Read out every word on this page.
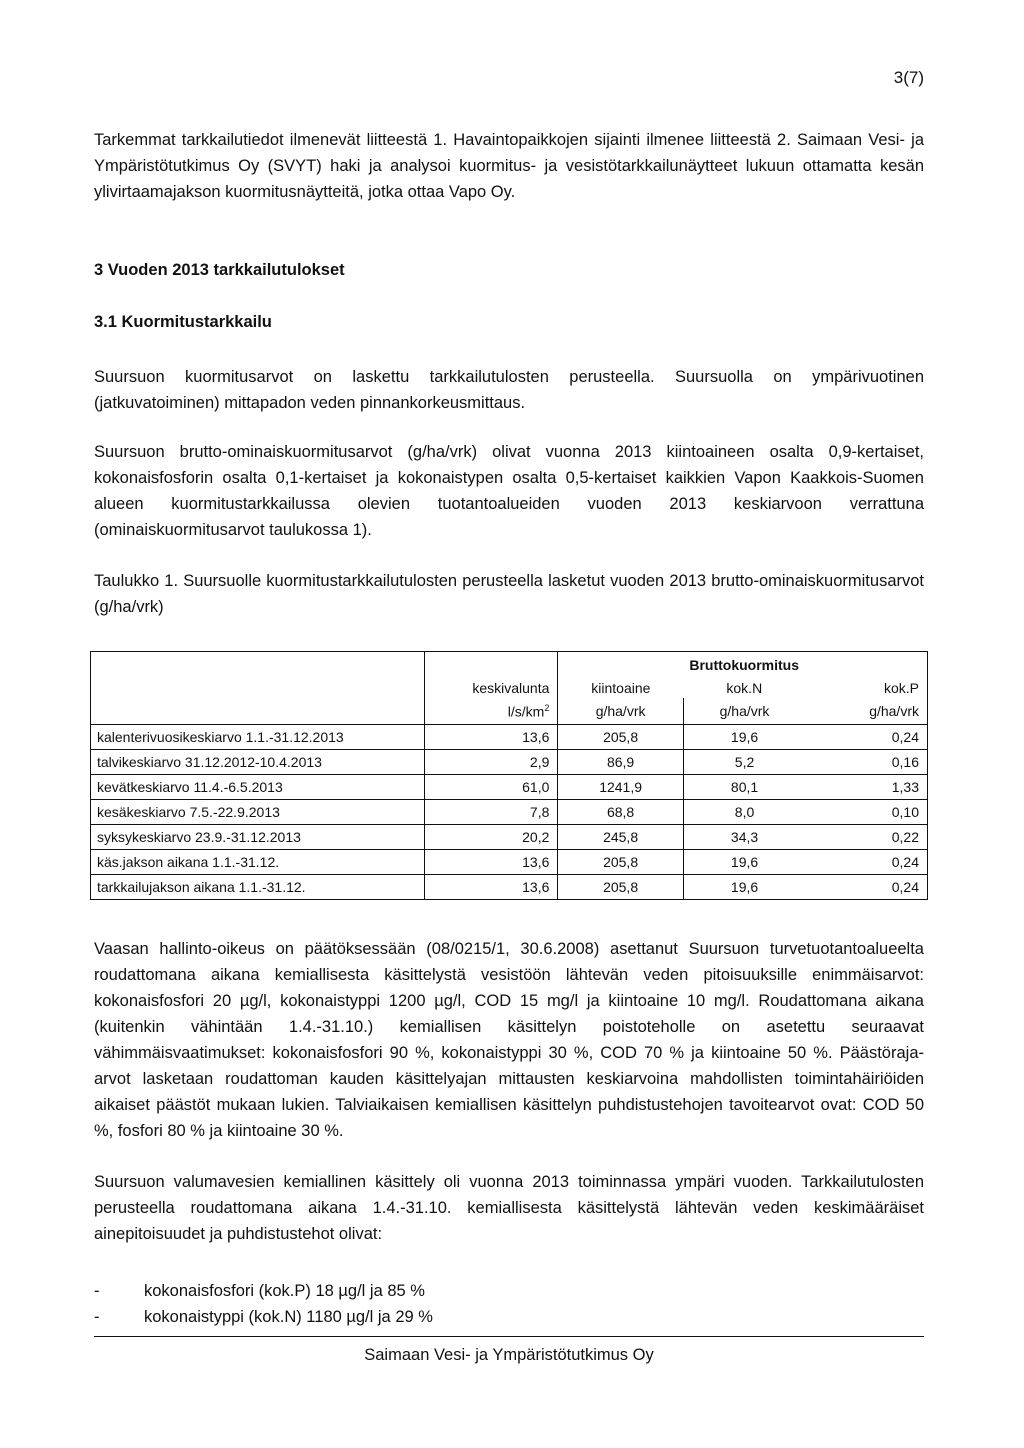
3(7)

Tarkemmat tarkkailutiedot ilmenevät liitteestä 1. Havaintopaikkojen sijainti ilmenee liitteestä 2. Saimaan Vesi- ja Ympäristötutkimus Oy (SVYT) haki ja analysoi kuormitus- ja vesistötarkkailunäytteet lukuun ottamatta kesän ylivirtaamajakson kuormitusnäytteitä, jotka ottaa Vapo Oy.

3 Vuoden 2013 tarkkailutulokset

3.1 Kuormitustarkkailu

Suursuon kuormitusarvot on laskettu tarkkailutulosten perusteella. Suursuolla on ympärivuotinen (jatkuvatoiminen) mittapadon veden pinnankorkeusmittaus.

Suursuon brutto-ominaiskuormitusarvot (g/ha/vrk) olivat vuonna 2013 kiintoaineen osalta 0,9-kertaiset, kokonaisfosforin osalta 0,1-kertaiset ja kokonaistypen osalta 0,5-kertaiset kaikkien Vapon Kaakkois-Suomen alueen kuormitustarkkailussa olevien tuotantoalueiden vuoden 2013 keskiarvoon verrattuna (ominaiskuormitusarvot taulukossa 1).

Taulukko 1. Suursuolle kuormitustarkkailutulosten perusteella lasketut vuoden 2013 brutto-ominaiskuormitusarvot (g/ha/vrk)

			Bruttokuormitus	
	keskivalunta	kiintoaine	kok.N	kok.P
	$l/s/km^2$	g/ha/vrk	g/ha/vrk	g/ha/vrk
kalenterivuosikeskiarvo 1.1.-31.12.2013	13,6	205,8	19,6	0,24
talvikeskiarvo 31.12.2012-10.4.2013	2,9	86,9	5,2	0,16
kevätkeskiarvo 11.4.-6.5.2013	61,0	1241,9	80,1	1,33
kesäkeskiarvo 7.5.-22.9.2013	7,8	68,8	8,0	0,10
syksykeskiarvo 23.9.-31.12.2013	20,2	245,8	34,3	0,22
käs.jakson aikana 1.1.-31.12.	13,6	205,8	19,6	0,24
tarkkailujakson aikana 1.1.-31.12.	13,6	205,8	19,6	0,24

Vaasan hallinto-oikeus on päätöksessään (08/0215/1, 30.6.2008) asettanut Suursuon turvetuotantoalueelta roudattomana aikana kemiallisesta käsittelystä vesistöön lähtevän veden pitoisuuksille enimmäisarvot: kokonaisfosfori 20 µg/l, kokonaistyppi 1200 µg/l, COD 15 mg/l ja kiintoaine 10 mg/l. Roudattomana aikana (kuitenkin vähintään 1.4.-31.10.) kemiallisen käsittelyn poistoteholle on asetettu seuraavat vähimmäisvaatimukset: kokonaisfosfori 90 %, kokonaistyppi 30 %, COD 70 % ja kiintoaine 50 %. Päästöraja-arvot lasketaan roudattoman kauden käsittelyajan mittausten keskiarvoina mahdollisten toimintahäiriöiden aikaiset päästöt mukaan lukien. Talviaikaisen kemiallisen käsittelyn puhdistustehojen tavoitearvot ovat: COD 50 %, fosfori 80 % ja kiintoaine 30 %.

Suursuon valumavesien kemiallinen käsittely oli vuonna 2013 toiminnassa ympäri vuoden. Tarkkailutulosten perusteella roudattomana aikana 1.4.-31.10. kemiallisesta käsittelystä lähtevän veden keskimääräiset ainepitoisuudet ja puhdistustehot olivat:

-	kokonaisfosfori (kok.P) 18 µg/l ja 85 %
-	kokonaistyppi (kok.N) 1180 µg/l ja 29 %
Saimaan Vesi- ja Ympäristötutkimus Oy
